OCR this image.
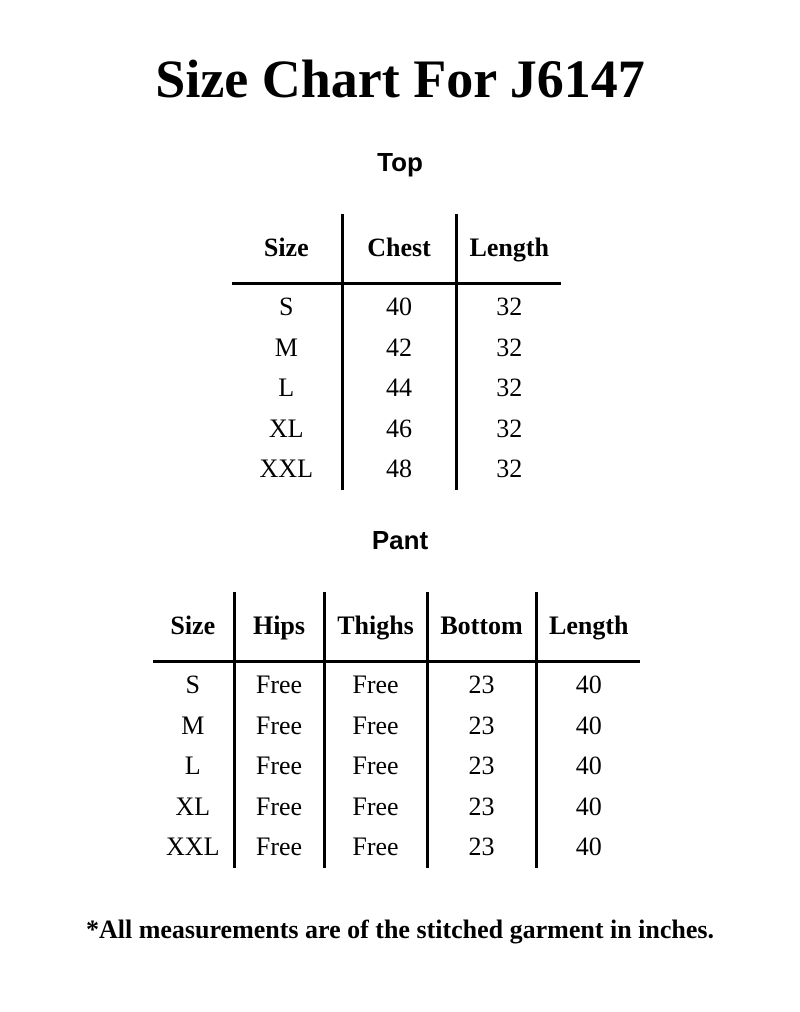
Size Chart For J6147
Top
Size	Chest	Length
S	40	32
M	42	32
L	44	32
XL	46	32
XXL	48	32
Pant
Size	Hips	Thighs	Bottom	Length
S	Free	Free	23	40
M	Free	Free	23	40
L	Free	Free	23	40
XL	Free	Free	23	40
XXL	Free	Free	23	40

*All measurements are of the stitched garment in inches.
